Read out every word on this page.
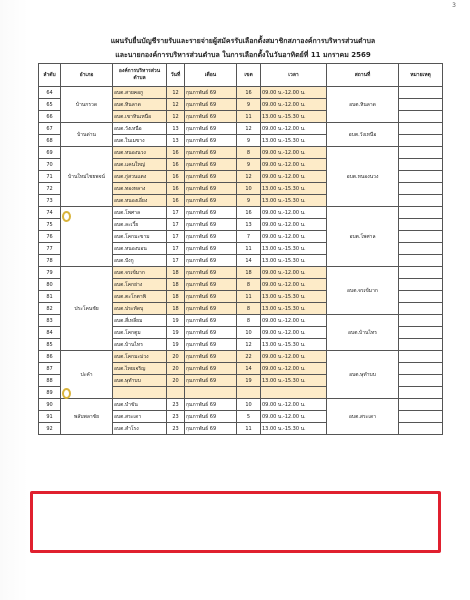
3
แผนรับยื่นบัญชีรายรับและรายจ่ายผู้สมัครรับเลือกตั้งสมาชิกสภาองค์การบริหารส่วนตำบล
และนายกองค์การบริหารส่วนตำบล ในการเลือกตั้งในวันอาทิตย์ที่ 11 มกราคม 2569
ลำดับ	อำเภอ	องค์การบริหารส่วนตำบล	วันที่	เดือน	เขต	เวลา	สถานที่	หมายเหตุ
64	บ้านกรวด	อบต.สายคอกู	12	กุมภาพันธ์ 69	16	09.00 น.-12.00 น.	อบต.หินลาด	
65		อบต.หินลาด	12	กุมภาพันธ์ 69	9	09.00 น.-12.00 น.		
66		อบต.เขาหินเหนือ	12	กุมภาพันธ์ 69	11	13.00 น.-15.30 น.		
67	บ้านด่าน	อบต.วังเหนือ	13	กุมภาพันธ์ 69	12	09.00 น.-12.00 น.	อบต.วังเหนือ	
68		อบต.ในเมขาง	13	กุมภาพันธ์ 69	9	13.00 น.-15.30 น.		
69	บ้านใหม่ไชยพจน์	อบต.หนองนวง	16	กุมภาพันธ์ 69	8	09.00 น.-12.00 น.	อบต.หนองนวง	
70		อบต.แคนใหญ่	16	กุมภาพันธ์ 69	9	09.00 น.-12.00 น.		
71		อบต.กู่สวนแตง	16	กุมภาพันธ์ 69	12	09.00 น.-12.00 น.		
72		อบต.ทองหลาง	16	กุมภาพันธ์ 69	10	13.00 น.-15.30 น.		
73		อบต.หนองเอี่ยง	16	กุมภาพันธ์ 69	9	13.00 น.-15.30 น.		
74		อบต.โพศาล	17	กุมภาพันธ์ 69	16	09.00 น.-12.00 น.	อบต.โพศาล	
75		อบต.ละเวี้ย	17	กุมภาพันธ์ 69	13	09.00 น.-12.00 น.		
76		อบต.โคกมะขาม	17	กุมภาพันธ์ 69	7	09.00 น.-12.00 น.		
77		อบต.หนองบอน	17	กุมภาพันธ์ 69	11	13.00 น.-15.30 น.		
78		อบต.ปังกู	17	กุมภาพันธ์ 69	14	13.00 น.-15.30 น.		
79	ประโคนชัย	อบต.จรเข้มาก	18	กุมภาพันธ์ 69	18	09.00 น.-12.00 น.	อบต.จรเข้มาก	
80		อบต.โคกย่าง	18	กุมภาพันธ์ 69	8	09.00 น.-12.00 น.		
81		อบต.ตะโกตาพิ	18	กุมภาพันธ์ 69	11	13.00 น.-15.30 น.		
82		อบต.ประทัดบุ	18	กุมภาพันธ์ 69	8	13.00 น.-15.30 น.		
83		อบต.สี่เหลี่ยม	19	กุมภาพันธ์ 69	8	09.00 น.-12.00 น.	อบต.บ้านไทร	
84		อบต.โคกตูม	19	กุมภาพันธ์ 69	10	09.00 น.-12.00 น.		
85		อบต.บ้านไทร	19	กุมภาพันธ์ 69	12	13.00 น.-15.30 น.		
86	ปะคำ	อบต.โคกมะม่วง	20	กุมภาพันธ์ 69	22	09.00 น.-12.00 น.	อบต.ษุทำบบ	
87		อบต.ไทยเจริญ	20	กุมภาพันธ์ 69	14	09.00 น.-12.00 น.		
88		อบต.ษุทำบบ	20	กุมภาพันธ์ 69	19	13.00 น.-15.30 น.		
89								
90	พลับพลาชัย	อบต.บำขัน	23	กุมภาพันธ์ 69	10	09.00 น.-12.00 น.	อบต.สระเดา	
91		อบต.สระเดา	23	กุมภาพันธ์ 69	5	09.00 น.-12.00 น.		
92		อบต.สำโรง	23	กุมภาพันธ์ 69	11	13.00 น.-15.30 น.		
